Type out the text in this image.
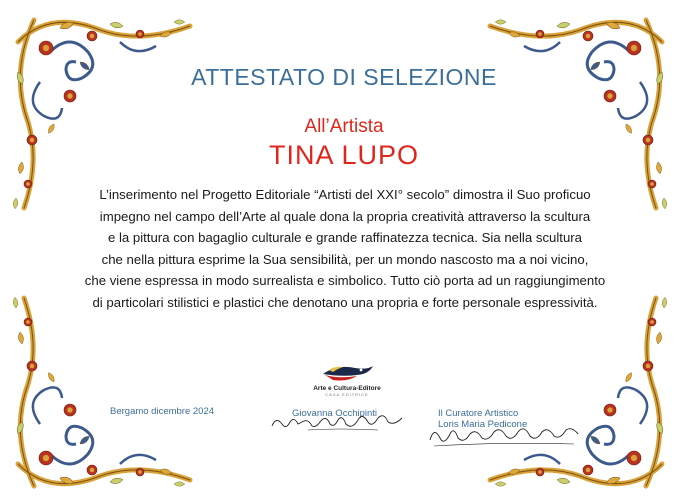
ATTESTATO DI SELEZIONE
All’Artista
TINA LUPO
L’inserimento nel Progetto Editoriale “Artisti del XXI° secolo” dimostra il Suo proficuo
impegno nel campo dell’Arte al quale dona la propria creatività attraverso la scultura
e la pittura con bagaglio culturale e grande raffinatezza tecnica. Sia nella scultura
che nella pittura esprime la Sua sensibilità, per un mondo nascosto ma a noi vicino,
che viene espressa in modo surrealista e simbolico. Tutto ciò porta ad un raggiungimento
di particolari stilistici e plastici che denotano una propria e forte personale espressività.
Arte e Cultura-Editore
CASA EDITRICE
Bergamo dicembre 2024	Giovanna Occhipinti	Il Curatore Artistico
Loris Maria Pedicone
